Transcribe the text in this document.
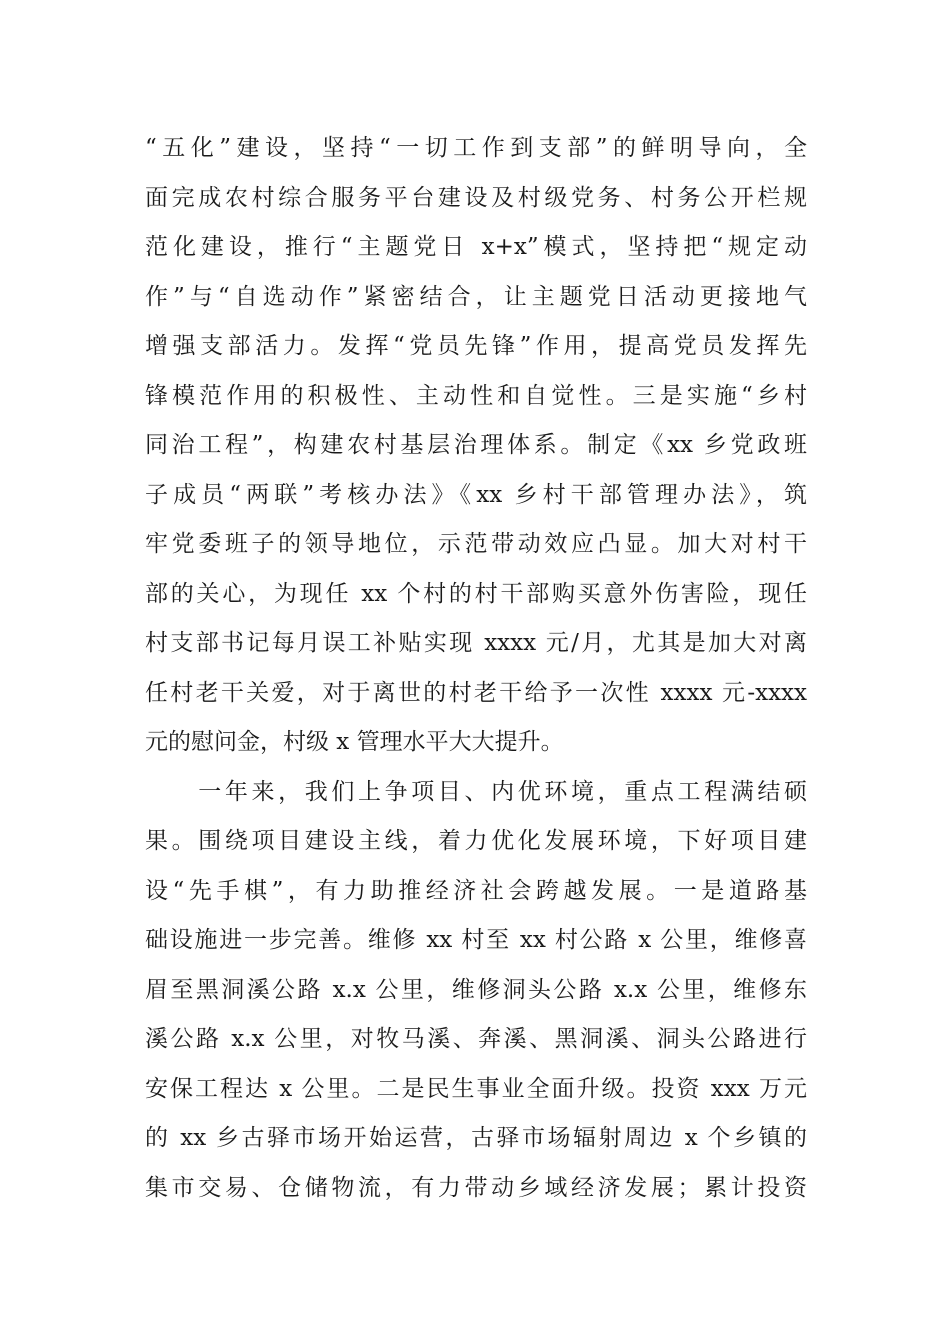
“五化”建设，坚持“一切工作到支部”的鲜明导向，全
面完成农村综合服务平台建设及村级党务、村务公开栏规
范化建设，推行“主题党日 x+x”模式，坚持把“规定动
作”与“自选动作”紧密结合，让主题党日活动更接地气
增强支部活力。发挥“党员先锋”作用，提高党员发挥先
锋模范作用的积极性、主动性和自觉性。三是实施“乡村
同治工程”，构建农村基层治理体系。制定《xx 乡党政班
子成员“两联”考核办法》《xx 乡村干部管理办法》，筑
牢党委班子的领导地位，示范带动效应凸显。加大对村干
部的关心，为现任 xx 个村的村干部购买意外伤害险，现任
村支部书记每月误工补贴实现 xxxx 元/月，尤其是加大对离
任村老干关爱，对于离世的村老干给予一次性 xxxx 元-xxxx
元的慰问金，村级 x 管理水平大大提升。
　　一年来，我们上争项目、内优环境，重点工程满结硕
果。围绕项目建设主线，着力优化发展环境，下好项目建
设“先手棋”，有力助推经济社会跨越发展。一是道路基
础设施进一步完善。维修 xx 村至 xx 村公路 x 公里，维修喜
眉至黑洞溪公路 x.x 公里，维修洞头公路 x.x 公里，维修东
溪公路 x.x 公里，对牧马溪、奔溪、黑洞溪、洞头公路进行
安保工程达 x 公里。二是民生事业全面升级。投资 xxx 万元
的 xx 乡古驿市场开始运营，古驿市场辐射周边 x 个乡镇的
集市交易、仓储物流，有力带动乡域经济发展；累计投资
